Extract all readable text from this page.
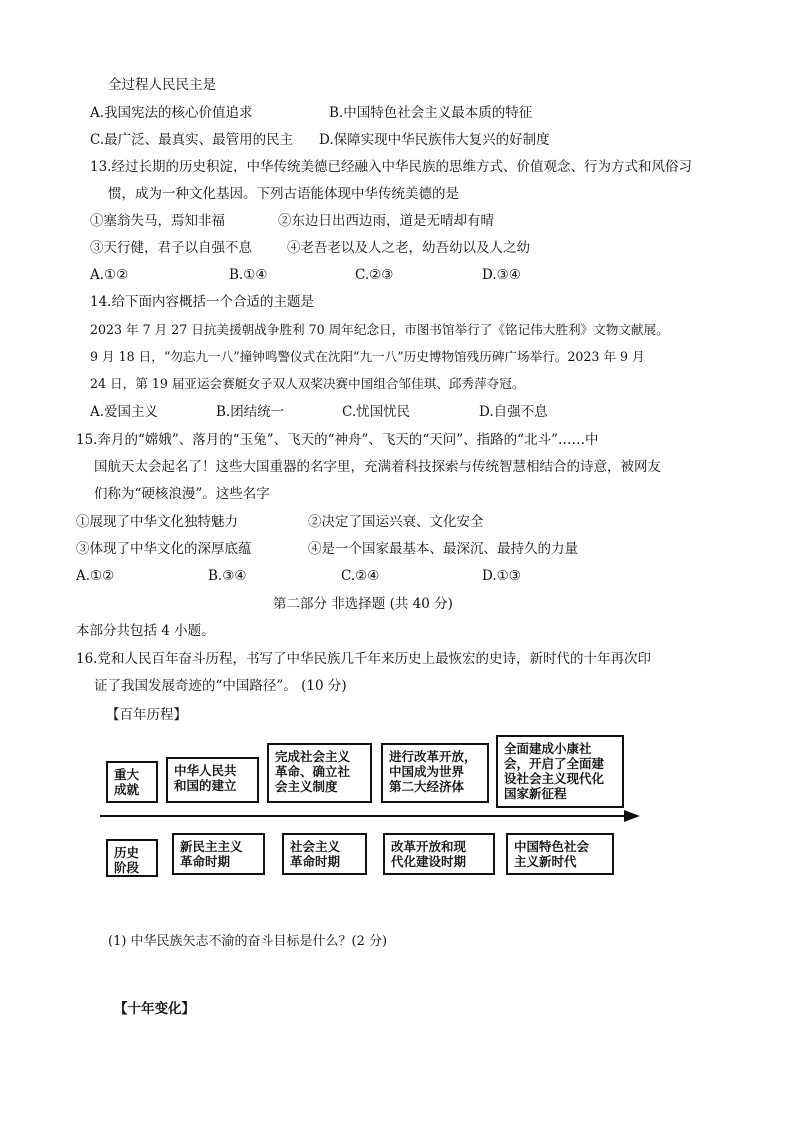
全过程人民民主是
A.我国宪法的核心价值追求	B.中国特色社会主义最本质的特征
C.最广泛、最真实、最管用的民主 D.保障实现中华民族伟大复兴的好制度
13.经过长期的历史积淀，中华传统美德已经融入中华民族的思维方式、价值观念、行为方式和风俗习
惯，成为一种文化基因。下列古语能体现中华传统美德的是
①塞翁失马，焉知非福	②东边日出西边雨，道是无晴却有晴
③天行健，君子以自强不息	④老吾老以及人之老，幼吾幼以及人之幼
A.①②	B.①④	C.②③	D.③④
14.给下面内容概括一个合适的主题是
2023 年 7 月 27 日抗美援朝战争胜利 70 周年纪念日，市图书馆举行了《铭记伟大胜利》文物文献展。
9 月 18 日，“勿忘九一八”撞钟鸣警仪式在沈阳“九一八”历史博物馆残历碑广场举行。2023 年 9 月
24 日，第 19 届亚运会赛艇女子双人双桨决赛中国组合邹佳琪、邱秀萍夺冠。
A.爱国主义	B.团结统一	C.忧国忧民	D.自强不息
15.奔月的“嫦娥”、落月的“玉兔”、飞天的“神舟”、飞天的“天问”、指路的“北斗”……中
国航天太会起名了！这些大国重器的名字里，充满着科技探索与传统智慧相结合的诗意，被网友
们称为“硬核浪漫”。这些名字
①展现了中华文化独特魅力	②决定了国运兴衰、文化安全
③体现了中华文化的深厚底蕴	④是一个国家最基本、最深沉、最持久的力量
A.①②	B.③④	C.②④	D.①③
第二部分 非选择题 (共 40 分)
本部分共包括 4 小题。
16.党和人民百年奋斗历程，书写了中华民族几千年来历史上最恢宏的史诗，新时代的十年再次印
证了我国发展奇迹的“中国路径”。 (10 分)
【百年历程】
重大
成就
中华人民共
和国的建立
完成社会主义
革命、确立社
会主义制度
进行改革开放，
中国成为世界
第二大经济体
全面建成小康社
会，开启了全面建
设社会主义现代化
国家新征程
历史
阶段
新民主主义
革命时期
社会主义
革命时期
改革开放和现
代化建设时期
中国特色社会
主义新时代
(1) 中华民族矢志不渝的奋斗目标是什么？(2 分)
【十年变化】
